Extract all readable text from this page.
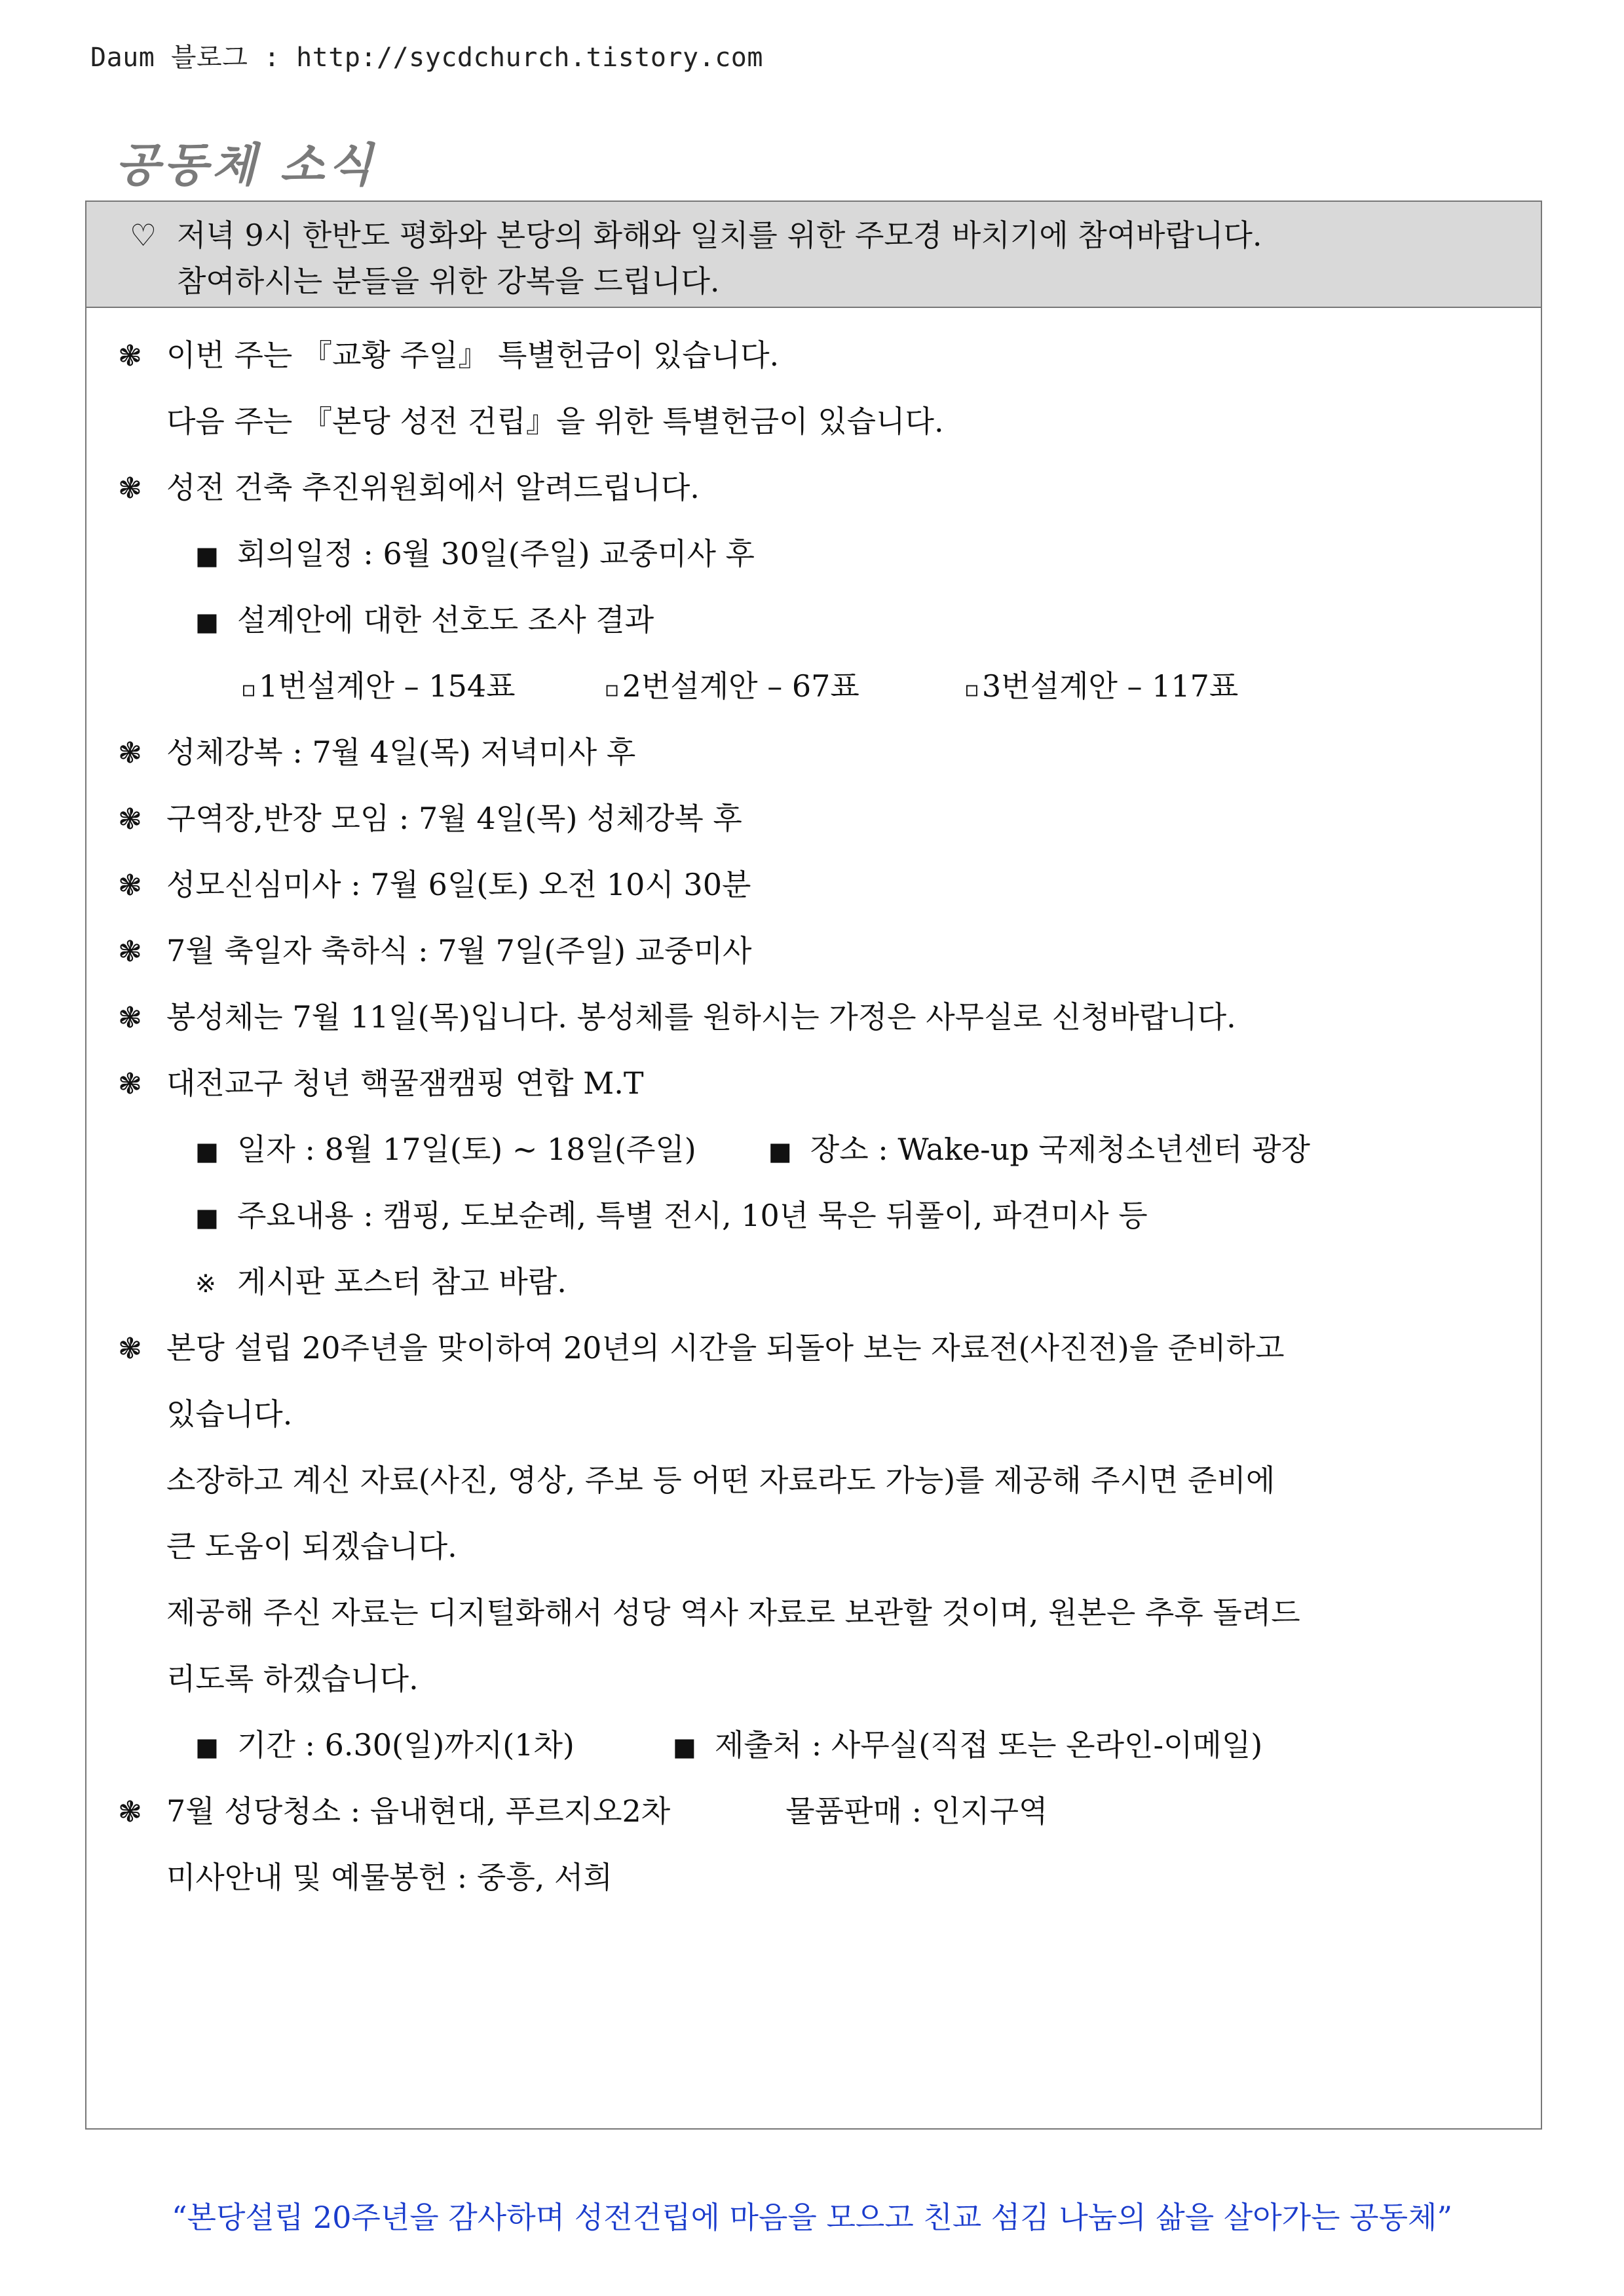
Daum 블로그 : http://sycdchurch.tistory.com
공동체 소식
♡ 저녁 9시 한반도 평화와 본당의 화해와 일치를 위한 주모경 바치기에 참여바랍니다.
참여하시는 분들을 위한 강복을 드립니다.
❃ 이번 주는 『교황 주일』 특별헌금이 있습니다.
다음 주는 『본당 성전 건립』을 위한 특별헌금이 있습니다.
❃ 성전 건축 추진위원회에서 알려드립니다.
■ 회의일정 : 6월 30일(주일) 교중미사 후
■ 설계안에 대한 선호도 조사 결과
▫1번설계안 – 154표	▫2번설계안 – 67표	▫3번설계안 – 117표
❃ 성체강복 : 7월 4일(목) 저녁미사 후
❃ 구역장,반장 모임 : 7월 4일(목) 성체강복 후
❃ 성모신심미사 : 7월 6일(토) 오전 10시 30분
❃ 7월 축일자 축하식 : 7월 7일(주일) 교중미사
❃ 봉성체는 7월 11일(목)입니다. 봉성체를 원하시는 가정은 사무실로 신청바랍니다.
❃ 대전교구 청년 핵꿀잼캠핑 연합 M.T
■ 일자 : 8월 17일(토) ~ 18일(주일)	■ 장소 : Wake-up 국제청소년센터 광장
■ 주요내용 : 캠핑, 도보순례, 특별 전시, 10년 묵은 뒤풀이, 파견미사 등
※ 게시판 포스터 참고 바람.
❃ 본당 설립 20주년을 맞이하여 20년의 시간을 되돌아 보는 자료전(사진전)을 준비하고
있습니다.
소장하고 계신 자료(사진, 영상, 주보 등 어떤 자료라도 가능)를 제공해 주시면 준비에
큰 도움이 되겠습니다.
제공해 주신 자료는 디지털화해서 성당 역사 자료로 보관할 것이며, 원본은 추후 돌려드
리도록 하겠습니다.
■ 기간 : 6.30(일)까지(1차)	■ 제출처 : 사무실(직접 또는 온라인-이메일)
❃ 7월 성당청소 : 읍내현대, 푸르지오2차	물품판매 : 인지구역
미사안내 및 예물봉헌 : 중흥, 서희
“본당설립 20주년을 감사하며 성전건립에 마음을 모으고 친교 섬김 나눔의 삶을 살아가는 공동체”
